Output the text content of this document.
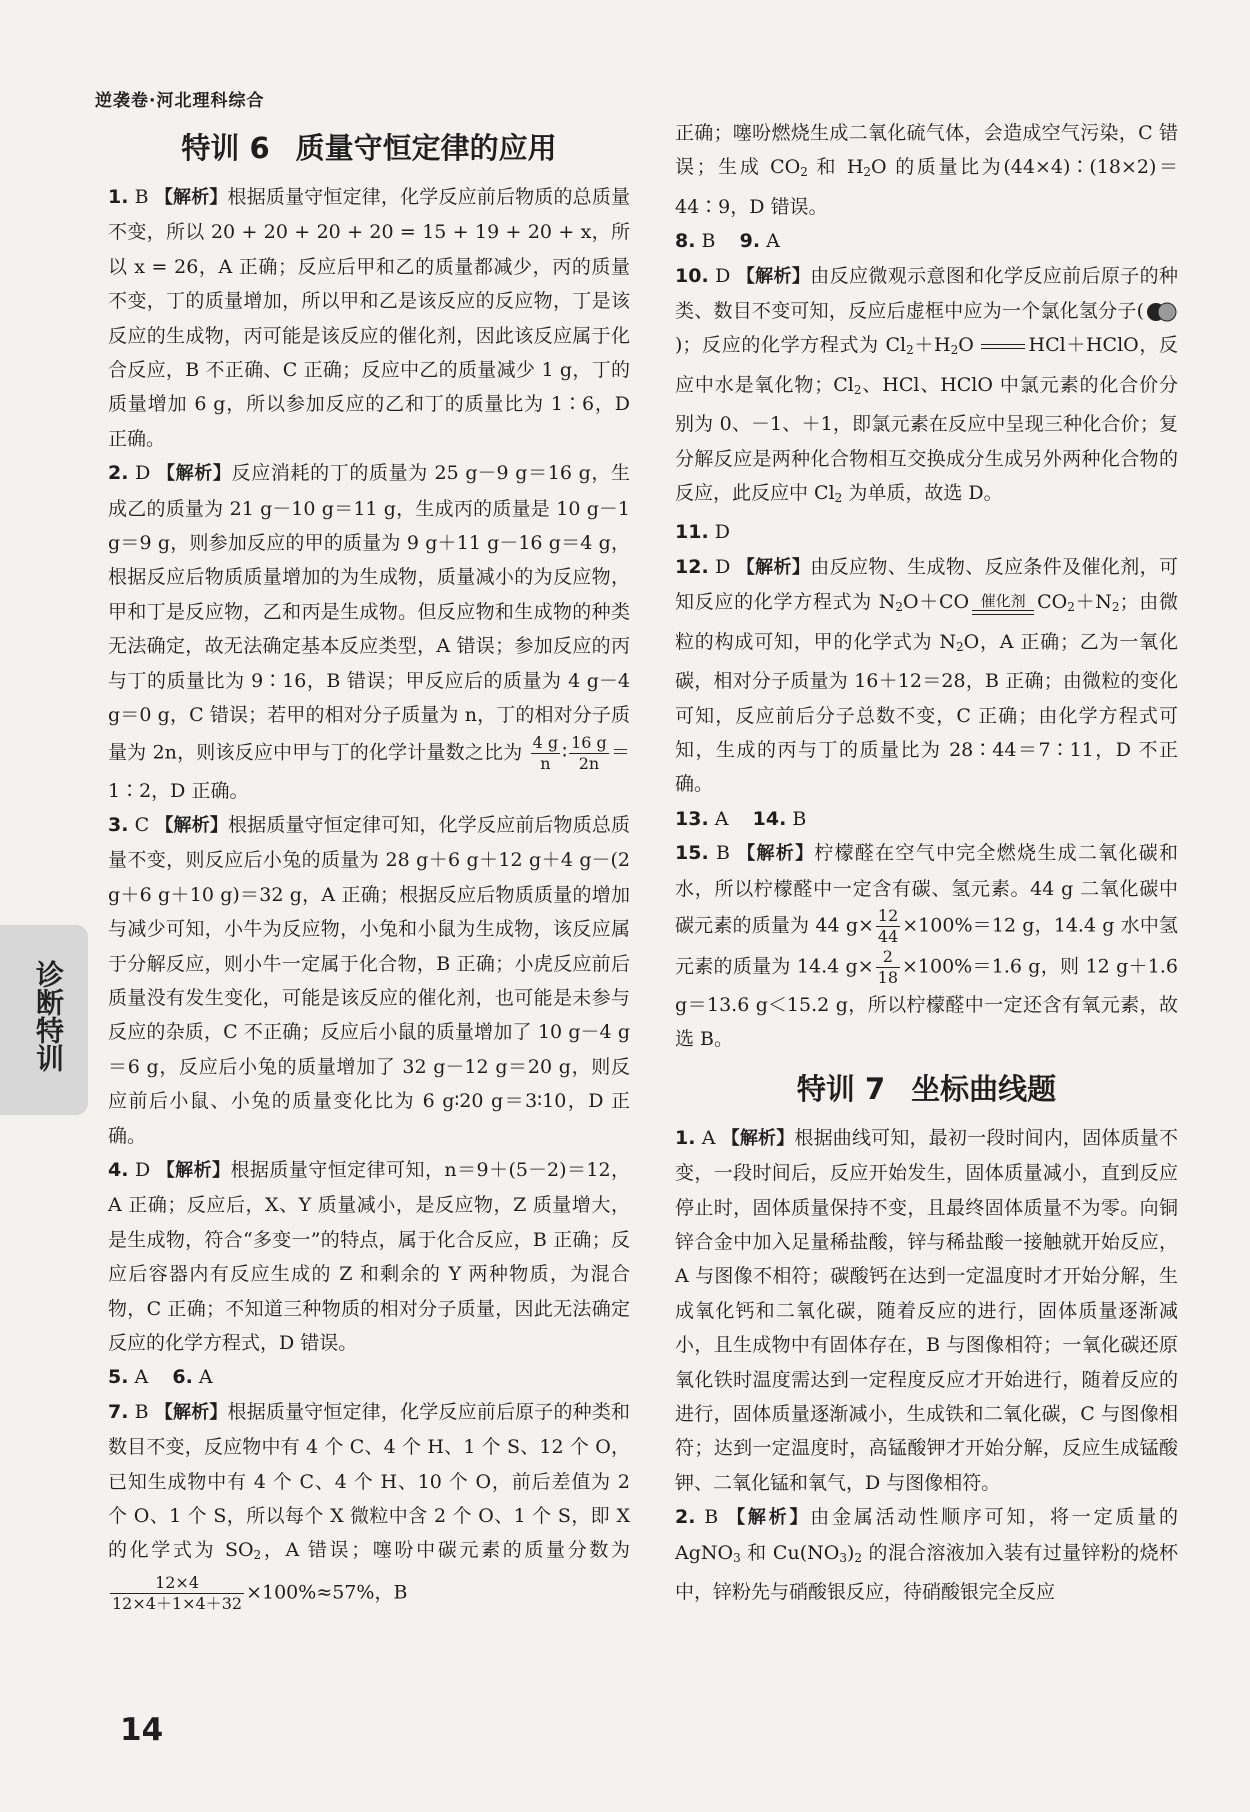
逆袭卷·河北理科综合
诊断特训
14
特训 6 质量守恒定律的应用
1. B 【解析】根据质量守恒定律，化学反应前后物质的总质量不变，所以 20 + 20 + 20 + 20 = 15 + 19 + 20 + x，所以 x = 26，A 正确；反应后甲和乙的质量都减少，丙的质量不变，丁的质量增加，所以甲和乙是该反应的反应物，丁是该反应的生成物，丙可能是该反应的催化剂，因此该反应属于化合反应，B 不正确、C 正确；反应中乙的质量减少 1 g，丁的质量增加 6 g，所以参加反应的乙和丁的质量比为 1∶6，D 正确。
2. D 【解析】反应消耗的丁的质量为 25 g－9 g＝16 g，生成乙的质量为 21 g－10 g＝11 g，生成丙的质量是 10 g－1 g＝9 g，则参加反应的甲的质量为 9 g＋11 g－16 g＝4 g，根据反应后物质质量增加的为生成物，质量减小的为反应物，甲和丁是反应物，乙和丙是生成物。但反应物和生成物的种类无法确定，故无法确定基本反应类型，A 错误；参加反应的丙与丁的质量比为 9∶16，B 错误；甲反应后的质量为 4 g－4 g＝0 g，C 错误；若甲的相对分子质量为 n，丁的相对分子质量为 2n，则该反应中甲与丁的化学计量数之比为 $\frac{4 g}{n}$ ∶ $\frac{16 g}{2n}$ ＝1∶2，D 正确。
3. C 【解析】根据质量守恒定律可知，化学反应前后物质总质量不变，则反应后小兔的质量为 28 g＋6 g＋12 g＋4 g－(2 g＋6 g＋10 g)＝32 g，A 正确；根据反应后物质质量的增加与减少可知，小牛为反应物，小兔和小鼠为生成物，该反应属于分解反应，则小牛一定属于化合物，B 正确；小虎反应前后质量没有发生变化，可能是该反应的催化剂，也可能是未参与反应的杂质，C 不正确；反应后小鼠的质量增加了 10 g－4 g＝6 g，反应后小兔的质量增加了 32 g－12 g＝20 g，则反应前后小鼠、小兔的质量变化比为 6 g∶20 g＝3∶10，D 正确。
4. D 【解析】根据质量守恒定律可知，n＝9＋(5－2)＝12，A 正确；反应后，X、Y 质量减小，是反应物，Z 质量增大，是生成物，符合“多变一”的特点，属于化合反应，B 正确；反应后容器内有反应生成的 Z 和剩余的 Y 两种物质，为混合物，C 正确；不知道三种物质的相对分子质量，因此无法确定反应的化学方程式，D 错误。
5. A 6. A
7. B 【解析】根据质量守恒定律，化学反应前后原子的种类和数目不变，反应物中有 4 个 C、4 个 H、1 个 S、12 个 O，已知生成物中有 4 个 C、4 个 H、10 个 O，前后差值为 2 个 O、1 个 S，所以每个 X 微粒中含 2 个 O、1 个 S，即 X 的化学式为 $SO_2$，A 错误；噻吩中碳元素的质量分数为
$\frac{12\times 4}{12\times 4+1\times 4+32} \times 100\%\approx 57\%$，B
正确；噻吩燃烧生成二氧化硫气体，会造成空气污染，C 错误；生成 $CO_2$ 和 $H_2O$ 的质量比为(44×4)∶(18×2)＝44∶9，D 错误。
8. B 9. A
10. D 【解析】由反应微观示意图和化学反应前后原子的种类、数目不变可知，反应后虚框中应为一个氯化氢分子()；反应的化学方程式为 $Cl_2+H_2O$	HCl＋HClO，反应中水是氧化物；$Cl_2$、HCl、HClO 中氯元素的化合价分别为 0、－1、＋1，即氯元素在反应中呈现三种化合价；复分解反应是两种化合物相互交换成分生成另外两种化合物的反应，此反应中 $Cl_2$ 为单质，故选 D。
11. D
12. D 【解析】由反应物、生成物、反应条件及催化剂，可知反应的化学方程式为 $N_2O+CO$ 催化剂 $CO_2+N_2$；由微粒的构成可知，甲的化学式为 $N_2O$，A 正确；乙为一氧化碳，相对分子质量为 16＋12＝28，B 正确；由微粒的变化可知，反应前后分子总数不变，C 正确；由化学方程式可知，生成的丙与丁的质量比为 28∶44＝7∶11，D 不正确。
13. A 14. B
15. B 【解析】柠檬醛在空气中完全燃烧生成二氧化碳和水，所以柠檬醛中一定含有碳、氢元素。44 g 二氧化碳中碳元素的质量为 44 $g\times \frac{12}{44} \times 100\%=12$ g，14.4 g 水中氢元素的质量为 14.4 $g\times \frac{2}{18} \times 100\%=1.6$ g，则 12 g＋1.6 g＝13.6 g＜15.2 g，所以柠檬醛中一定还含有氧元素，故选 B。
特训 7 坐标曲线题
1. A 【解析】根据曲线可知，最初一段时间内，固体质量不变，一段时间后，反应开始发生，固体质量减小，直到反应停止时，固体质量保持不变，且最终固体质量不为零。向铜锌合金中加入足量稀盐酸，锌与稀盐酸一接触就开始反应，A 与图像不相符；碳酸钙在达到一定温度时才开始分解，生成氧化钙和二氧化碳，随着反应的进行，固体质量逐渐减小，且生成物中有固体存在，B 与图像相符；一氧化碳还原氧化铁时温度需达到一定程度反应才开始进行，随着反应的进行，固体质量逐渐减小，生成铁和二氧化碳，C 与图像相符；达到一定温度时，高锰酸钾才开始分解，反应生成锰酸钾、二氧化锰和氧气，D 与图像相符。
2. B 【解析】由金属活动性顺序可知，将一定质量的 AgNO$_3$ 和 $Cu(NO_3)_2$ 的混合溶液加入装有过量锌粉的烧杯中，锌粉先与硝酸银反应，待硝酸银完全反应
